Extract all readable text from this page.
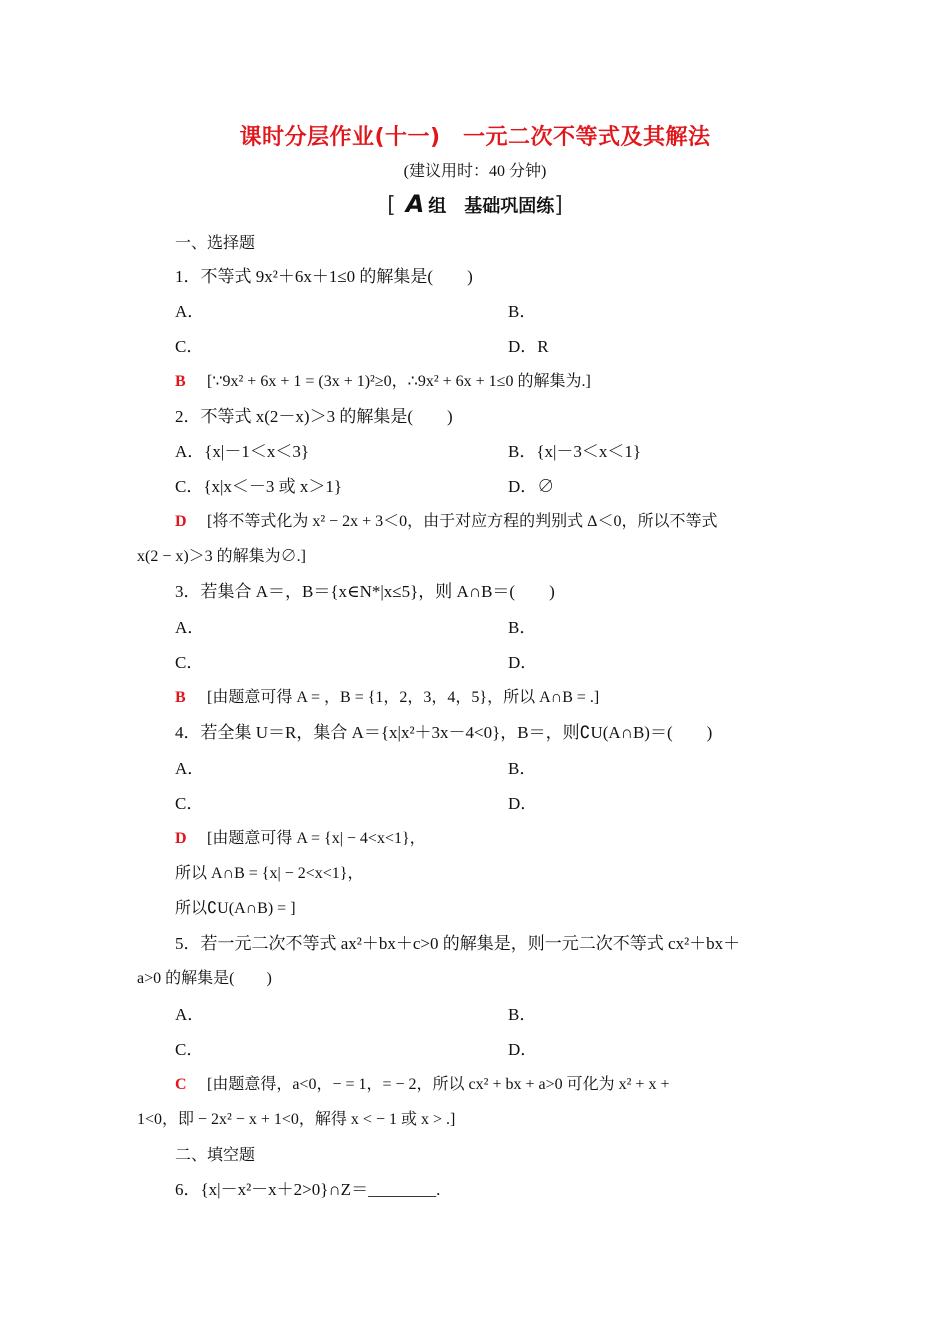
课时分层作业(十一)　一元二次不等式及其解法
(建议用时：40 分钟)
[ A 组　基础巩固练]
一、选择题
1．不等式 9x²＋6x＋1≤0 的解集是(　　)
A．	B．
C．	D．R
B [∵9x² + 6x + 1 = (3x + 1)²≥0，∴9x² + 6x + 1≤0 的解集为.]
2．不等式 x(2－x)＞3 的解集是(　　)
A．{x|－1＜x＜3}	B．{x|－3＜x＜1}
C．{x|x＜－3 或 x＞1}	D．∅
D [将不等式化为 x² − 2x + 3＜0，由于对应方程的判别式 Δ＜0，所以不等式
x(2 − x)＞3 的解集为∅.]
3．若集合 A＝，B＝{x∈N*|x≤5}，则 A∩B＝(　　)
A．	B．
C．	D．
B [由题意可得 A = ，B = {1，2，3，4，5}，所以 A∩B = .]
4．若全集 U＝R，集合 A＝{x|x²＋3x－4<0}，B＝，则∁U(A∩B)＝(　　)
A．	B．
C．	D．
D [由题意可得 A = {x| − 4<x<1}，
所以 A∩B = {x| − 2<x<1}，
所以∁U(A∩B) = ]
5．若一元二次不等式 ax²＋bx＋c>0 的解集是，则一元二次不等式 cx²＋bx＋
a>0 的解集是(　　)
A．	B．
C．	D．
C [由题意得，a<0，− = 1，= − 2，所以 cx² + bx + a>0 可化为 x² + x +
1<0，即 − 2x² − x + 1<0，解得 x < − 1 或 x > .]
二、填空题
6．{x|－x²－x＋2>0}∩Z＝________.
